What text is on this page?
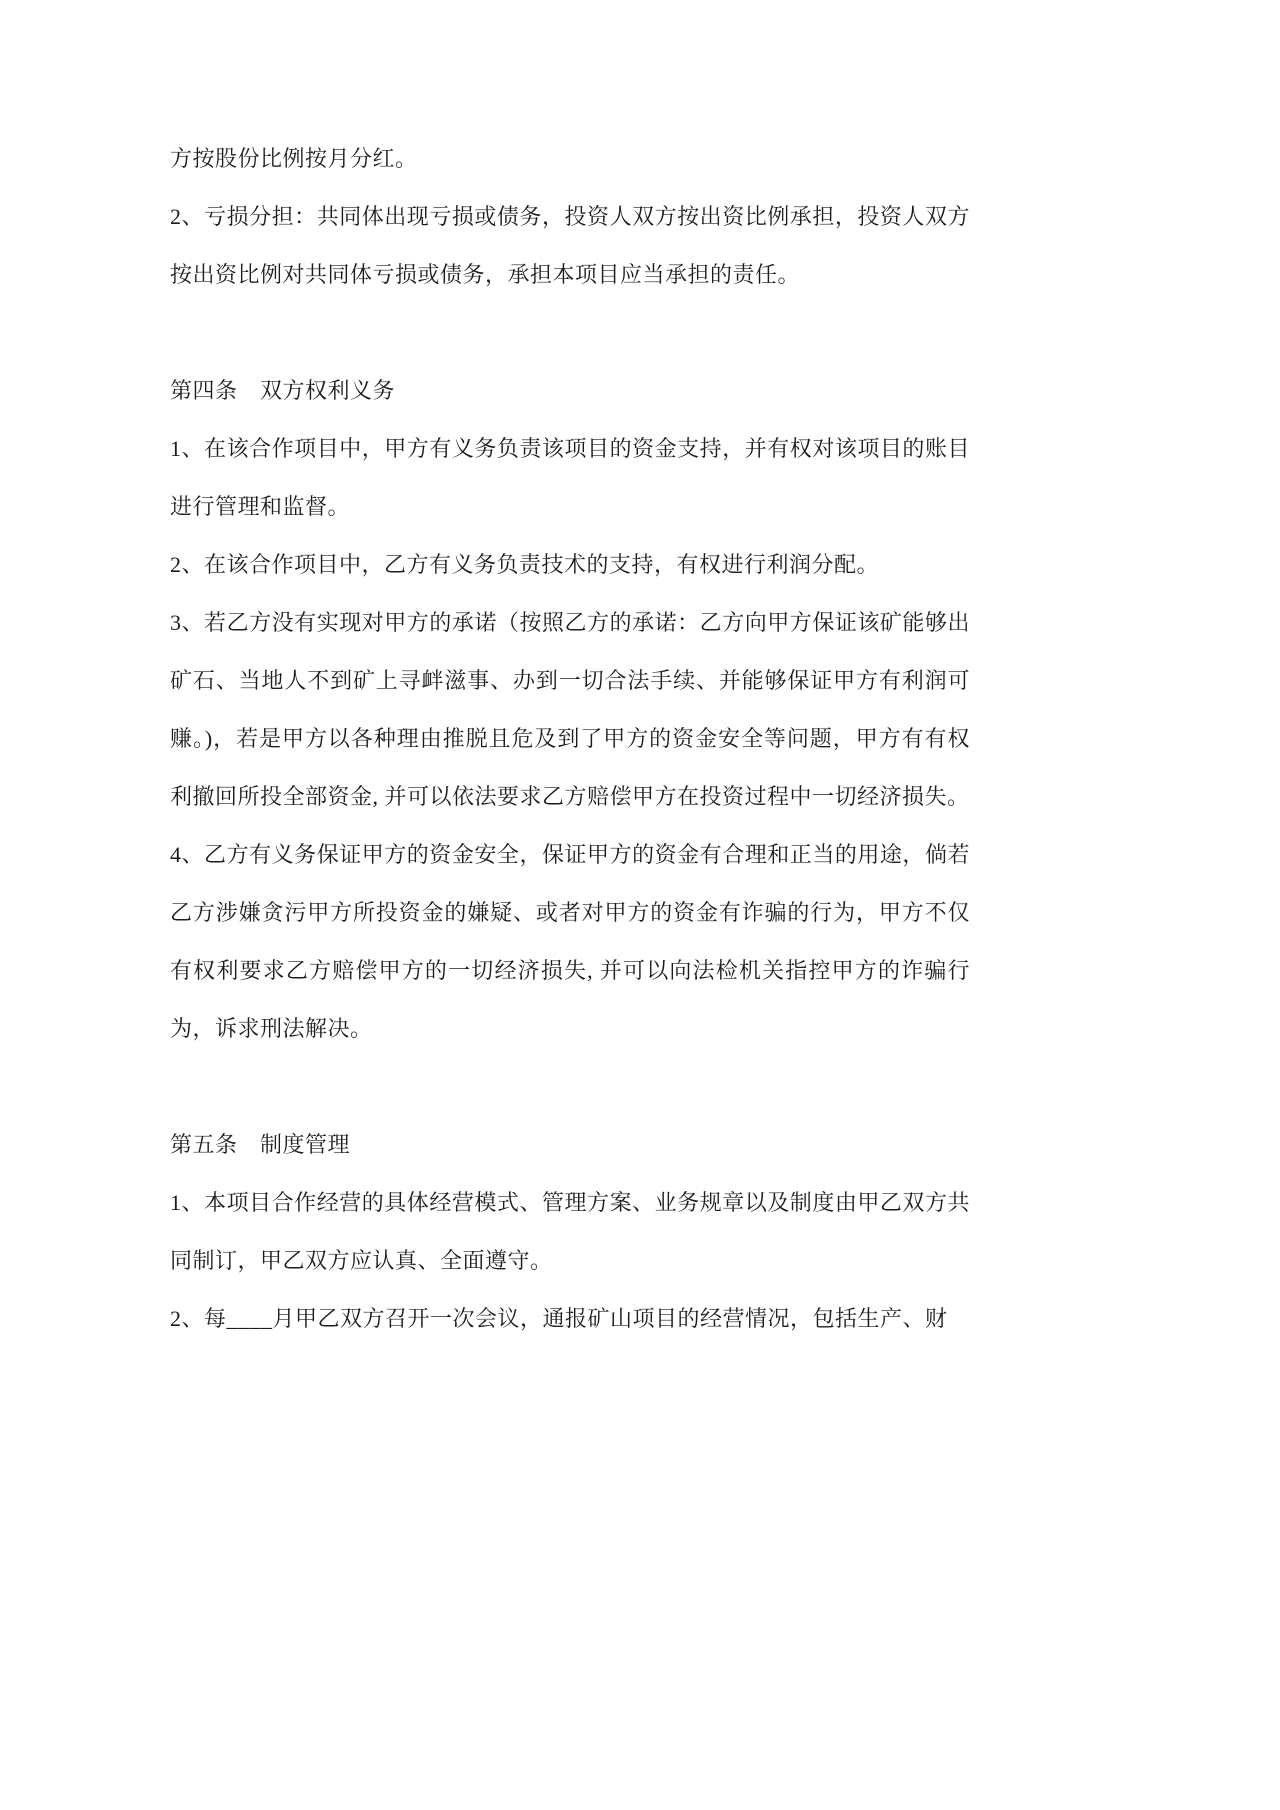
方按股份比例按月分红。

2、亏损分担：共同体出现亏损或债务，投资人双方按出资比例承担，投资人双方按出资比例对共同体亏损或债务，承担本项目应当承担的责任。

第四条　双方权利义务

1、在该合作项目中，甲方有义务负责该项目的资金支持，并有权对该项目的账目进行管理和监督。

2、在该合作项目中，乙方有义务负责技术的支持，有权进行利润分配。

3、若乙方没有实现对甲方的承诺（按照乙方的承诺：乙方向甲方保证该矿能够出矿石、当地人不到矿上寻衅滋事、办到一切合法手续、并能够保证甲方有利润可赚。)，若是甲方以各种理由推脱且危及到了甲方的资金安全等问题，甲方有有权利撤回所投全部资金, 并可以依法要求乙方赔偿甲方在投资过程中一切经济损失。

4、乙方有义务保证甲方的资金安全，保证甲方的资金有合理和正当的用途，倘若乙方涉嫌贪污甲方所投资金的嫌疑、或者对甲方的资金有诈骗的行为，甲方不仅有权利要求乙方赔偿甲方的一切经济损失, 并可以向法检机关指控甲方的诈骗行为，诉求刑法解决。

第五条　制度管理

1、本项目合作经营的具体经营模式、管理方案、业务规章以及制度由甲乙双方共同制订，甲乙双方应认真、全面遵守。

2、每____月甲乙双方召开一次会议，通报矿山项目的经营情况，包括生产、财
